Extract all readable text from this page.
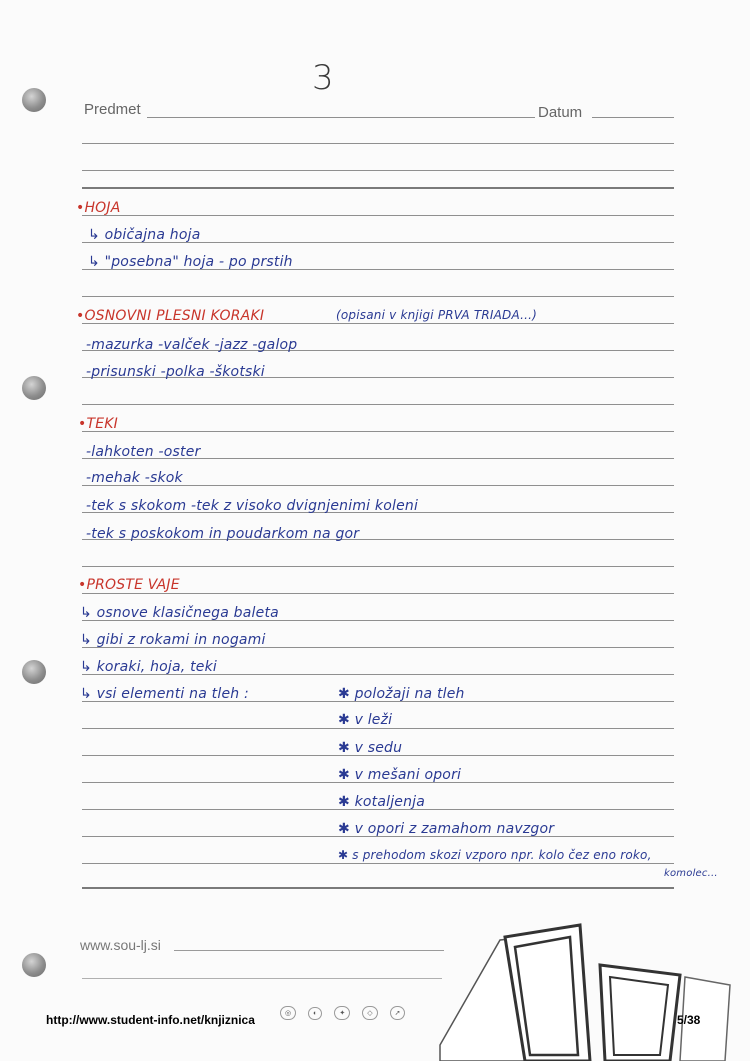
3
Predmet	Datum
•HOJA
↳ običajna hoja
↳ "posebna" hoja - po prstih
•OSNOVNI PLESNI KORAKI	(opisani v knjigi PRVA TRIADA...)
-mazurka -valček -jazz -galop
-prisunski -polka -škotski
•TEKI
-lahkoten -oster
-mehak -skok
-tek s skokom -tek z visoko dvignjenimi koleni
-tek s poskokom in poudarkom na gor
•PROSTE VAJE
↳ osnove klasičnega baleta
↳ gibi z rokami in nogami
↳ koraki, hoja, teki
↳ vsi elementi na tleh :	✱ položaji na tleh
✱ v leži
✱ v sedu
✱ v mešani opori
✱ kotaljenja
✱ v opori z zamahom navzgor
✱ s prehodom skozi vzporo npr. kolo čez eno roko,
komolec...
www.sou-lj.si
◎	◐	✦	◇	➚
http://www.student-info.net/knjiznica	5/38
